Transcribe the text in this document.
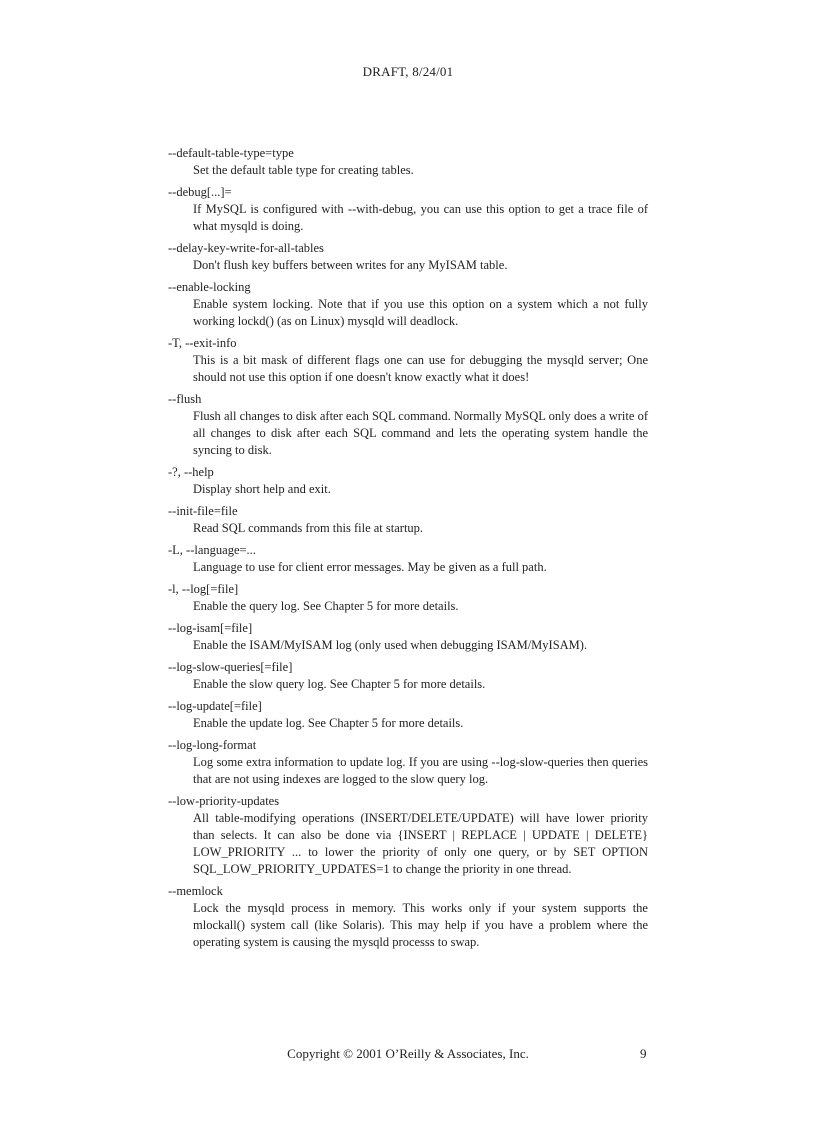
DRAFT, 8/24/01
--default-table-type=type
Set the default table type for creating tables.
--debug[...]=
If MySQL is configured with --with-debug, you can use this option to get a trace file of what mysqld is doing.
--delay-key-write-for-all-tables
Don't flush key buffers between writes for any MyISAM table.
--enable-locking
Enable system locking. Note that if you use this option on a system which a not fully working lockd() (as on Linux) mysqld will deadlock.
-T, --exit-info
This is a bit mask of different flags one can use for debugging the mysqld server; One should not use this option if one doesn't know exactly what it does!
--flush
Flush all changes to disk after each SQL command. Normally MySQL only does a write of all changes to disk after each SQL command and lets the operating system handle the syncing to disk.
-?, --help
Display short help and exit.
--init-file=file
Read SQL commands from this file at startup.
-L, --language=...
Language to use for client error messages. May be given as a full path.
-l, --log[=file]
Enable the query log. See Chapter 5 for more details.
--log-isam[=file]
Enable the ISAM/MyISAM log (only used when debugging ISAM/MyISAM).
--log-slow-queries[=file]
Enable the slow query log. See Chapter 5 for more details.
--log-update[=file]
Enable the update log. See Chapter 5 for more details.
--log-long-format
Log some extra information to update log. If you are using --log-slow-queries then queries that are not using indexes are logged to the slow query log.
--low-priority-updates
All table-modifying operations (INSERT/DELETE/UPDATE) will have lower priority than selects. It can also be done via {INSERT | REPLACE | UPDATE | DELETE} LOW_PRIORITY ... to lower the priority of only one query, or by SET OPTION SQL_LOW_PRIORITY_UPDATES=1 to change the priority in one thread.
--memlock
Lock the mysqld process in memory. This works only if your system supports the mlockall() system call (like Solaris). This may help if you have a problem where the operating system is causing the mysqld processs to swap.
Copyright © 2001 O’Reilly & Associates, Inc.	9
